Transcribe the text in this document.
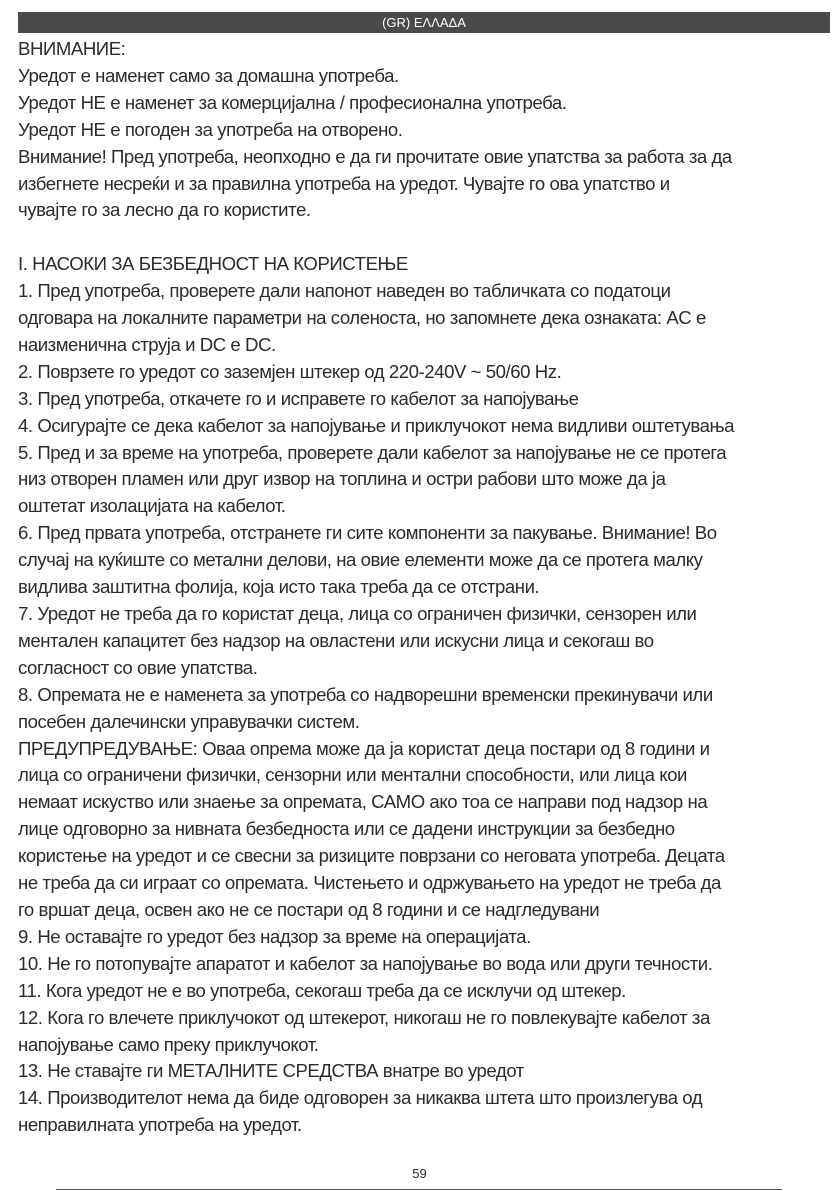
(GR) ΕΛΛΑΔΑ

ВНИМАНИЕ:

Уредот е наменет само за домашна употреба.

Уредот НЕ е наменет за комерцијална / професионална употреба.

Уредот НЕ е погоден за употреба на отворено.

Внимание! Пред употреба, неопходно е да ги прочитате овие упатства за работа за да

избегнете несреќи и за правилна употреба на уредот. Чувајте го ова упатство и

чувајте го за лесно да го користите.

I. НАСОКИ ЗА БЕЗБЕДНОСТ НА КОРИСТЕЊЕ

1. Пред употреба, проверете дали напонот наведен во табличката со податоци

одговара на локалните параметри на соленоста, но запомнете дека ознаката: AC е

наизменична струја и DC е DC.

2. Поврзете го уредот со заземјен штекер од 220-240V ~ 50/60 Hz.

3. Пред употреба, откачете го и исправете го кабелот за напојување

4. Осигурајте се дека кабелот за напојување и приклучокот нема видливи оштетувања

5. Пред и за време на употреба, проверете дали кабелот за напојување не се протега

низ отворен пламен или друг извор на топлина и остри рабови што може да ја

оштетат изолацијата на кабелот.

6. Пред првата употреба, отстранете ги сите компоненти за пакување. Внимание! Во

случај на куќиште со метални делови, на овие елементи може да се протега малку

видлива заштитна фолија, која исто така треба да се отстрани.

7. Уредот не треба да го користат деца, лица со ограничен физички, сензорен или

ментален капацитет без надзор на овластени или искусни лица и секогаш во

согласност со овие упатства.

8. Опремата не е наменета за употреба со надворешни временски прекинувачи или

посебен далечински управувачки систем.

ПРЕДУПРЕДУВАЊЕ: Оваа опрема може да ја користат деца постари од 8 години и

лица со ограничени физички, сензорни или ментални способности, или лица кои

немаат искуство или знаење за опремата, САМО ако тоа се направи под надзор на

лице одговорно за нивната безбедноста или се дадени инструкции за безбедно

користење на уредот и се свесни за ризиците поврзани со неговата употреба. Децата

не треба да си играат со опремата. Чистењето и одржувањето на уредот не треба да

го вршат деца, освен ако не се постари од 8 години и се надгледувани

9. Не оставајте го уредот без надзор за време на операцијата.

10. Не го потопувајте апаратот и кабелот за напојување во вода или други течности.

11. Кога уредот не е во употреба, секогаш треба да се исклучи од штекер.

12. Кога го влечете приклучокот од штекерот, никогаш не го повлекувајте кабелот за

напојување само преку приклучокот.

13. Не ставајте ги МЕТАЛНИТЕ СРЕДСТВА внатре во уредот

14. Производителот нема да биде одговорен за никаква штета што произлегува од

неправилната употреба на уредот.

59
